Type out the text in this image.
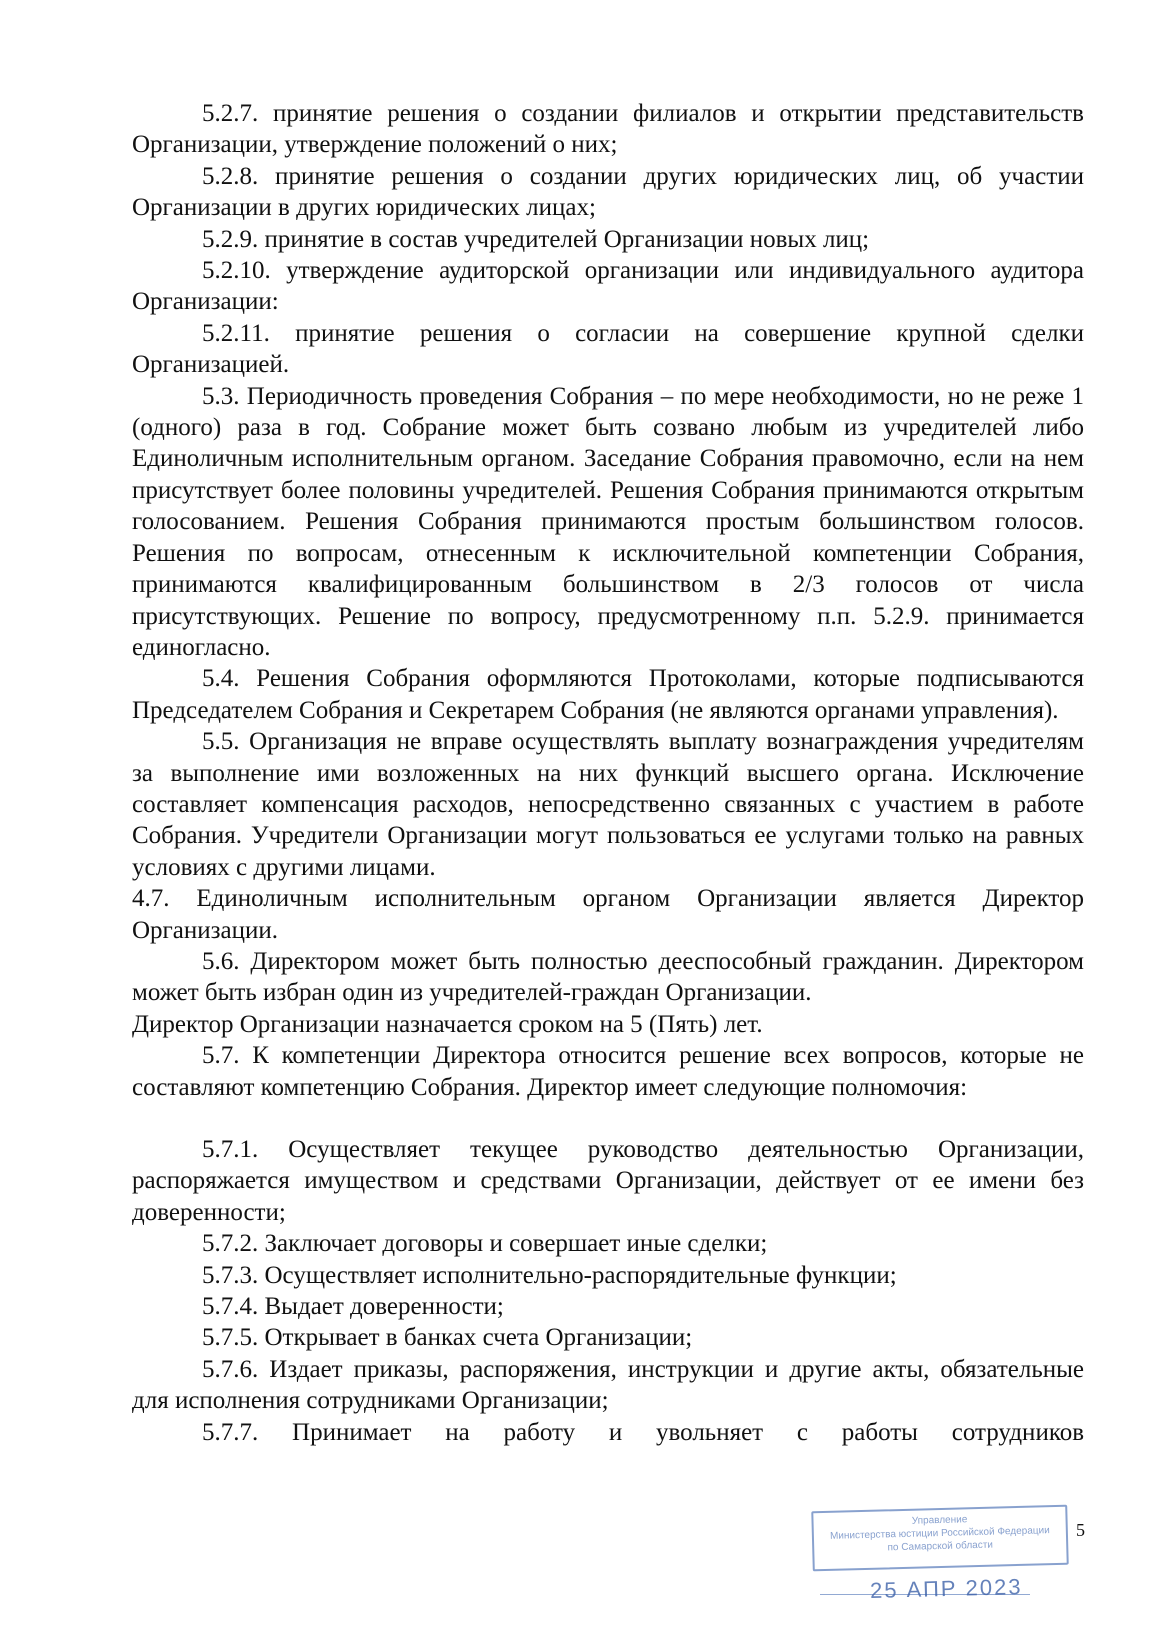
5.2.7. принятие решения о создании филиалов и открытии представительств Организации, утверждение положений о них;

5.2.8. принятие решения о создании других юридических лиц, об участии Организации в других юридических лицах;

5.2.9. принятие в состав учредителей Организации новых лиц;

5.2.10. утверждение аудиторской организации или индивидуального аудитора Организации:

5.2.11. принятие решения о согласии на совершение крупной сделки Организацией.

5.3. Периодичность проведения Собрания – по мере необходимости, но не реже 1 (одного) раза в год. Собрание может быть созвано любым из учредителей либо Единоличным исполнительным органом. Заседание Собрания правомочно, если на нем присутствует более половины учредителей. Решения Собрания принимаются открытым голосованием. Решения Собрания принимаются простым большинством голосов. Решения по вопросам, отнесенным к исключительной компетенции Собрания, принимаются квалифицированным большинством в 2/3 голосов от числа присутствующих. Решение по вопросу, предусмотренному п.п. 5.2.9. принимается единогласно.

5.4. Решения Собрания оформляются Протоколами, которые подписываются Председателем Собрания и Секретарем Собрания (не являются органами управления).

5.5. Организация не вправе осуществлять выплату вознаграждения учредителям за выполнение ими возложенных на них функций высшего органа. Исключение составляет компенсация расходов, непосредственно связанных с участием в работе Собрания. Учредители Организации могут пользоваться ее услугами только на равных условиях с другими лицами.

4.7. Единоличным исполнительным органом Организации является Директор Организации.

5.6. Директором может быть полностью дееспособный гражданин. Директором может быть избран один из учредителей-граждан Организации.

Директор Организации назначается сроком на 5 (Пять) лет.

5.7. К компетенции Директора относится решение всех вопросов, которые не составляют компетенцию Собрания. Директор имеет следующие полномочия:

5.7.1. Осуществляет текущее руководство деятельностью Организации, распоряжается имуществом и средствами Организации, действует от ее имени без доверенности;

5.7.2. Заключает договоры и совершает иные сделки;

5.7.3. Осуществляет исполнительно-распорядительные функции;

5.7.4. Выдает доверенности;

5.7.5. Открывает в банках счета Организации;

5.7.6. Издает приказы, распоряжения, инструкции и другие акты, обязательные для исполнения сотрудниками Организации;

5.7.7. Принимает на работу и увольняет с работы сотрудников

Управление
Министерства юстиции Российской Федерации
по Самарской области
25 АПР 2023
5
